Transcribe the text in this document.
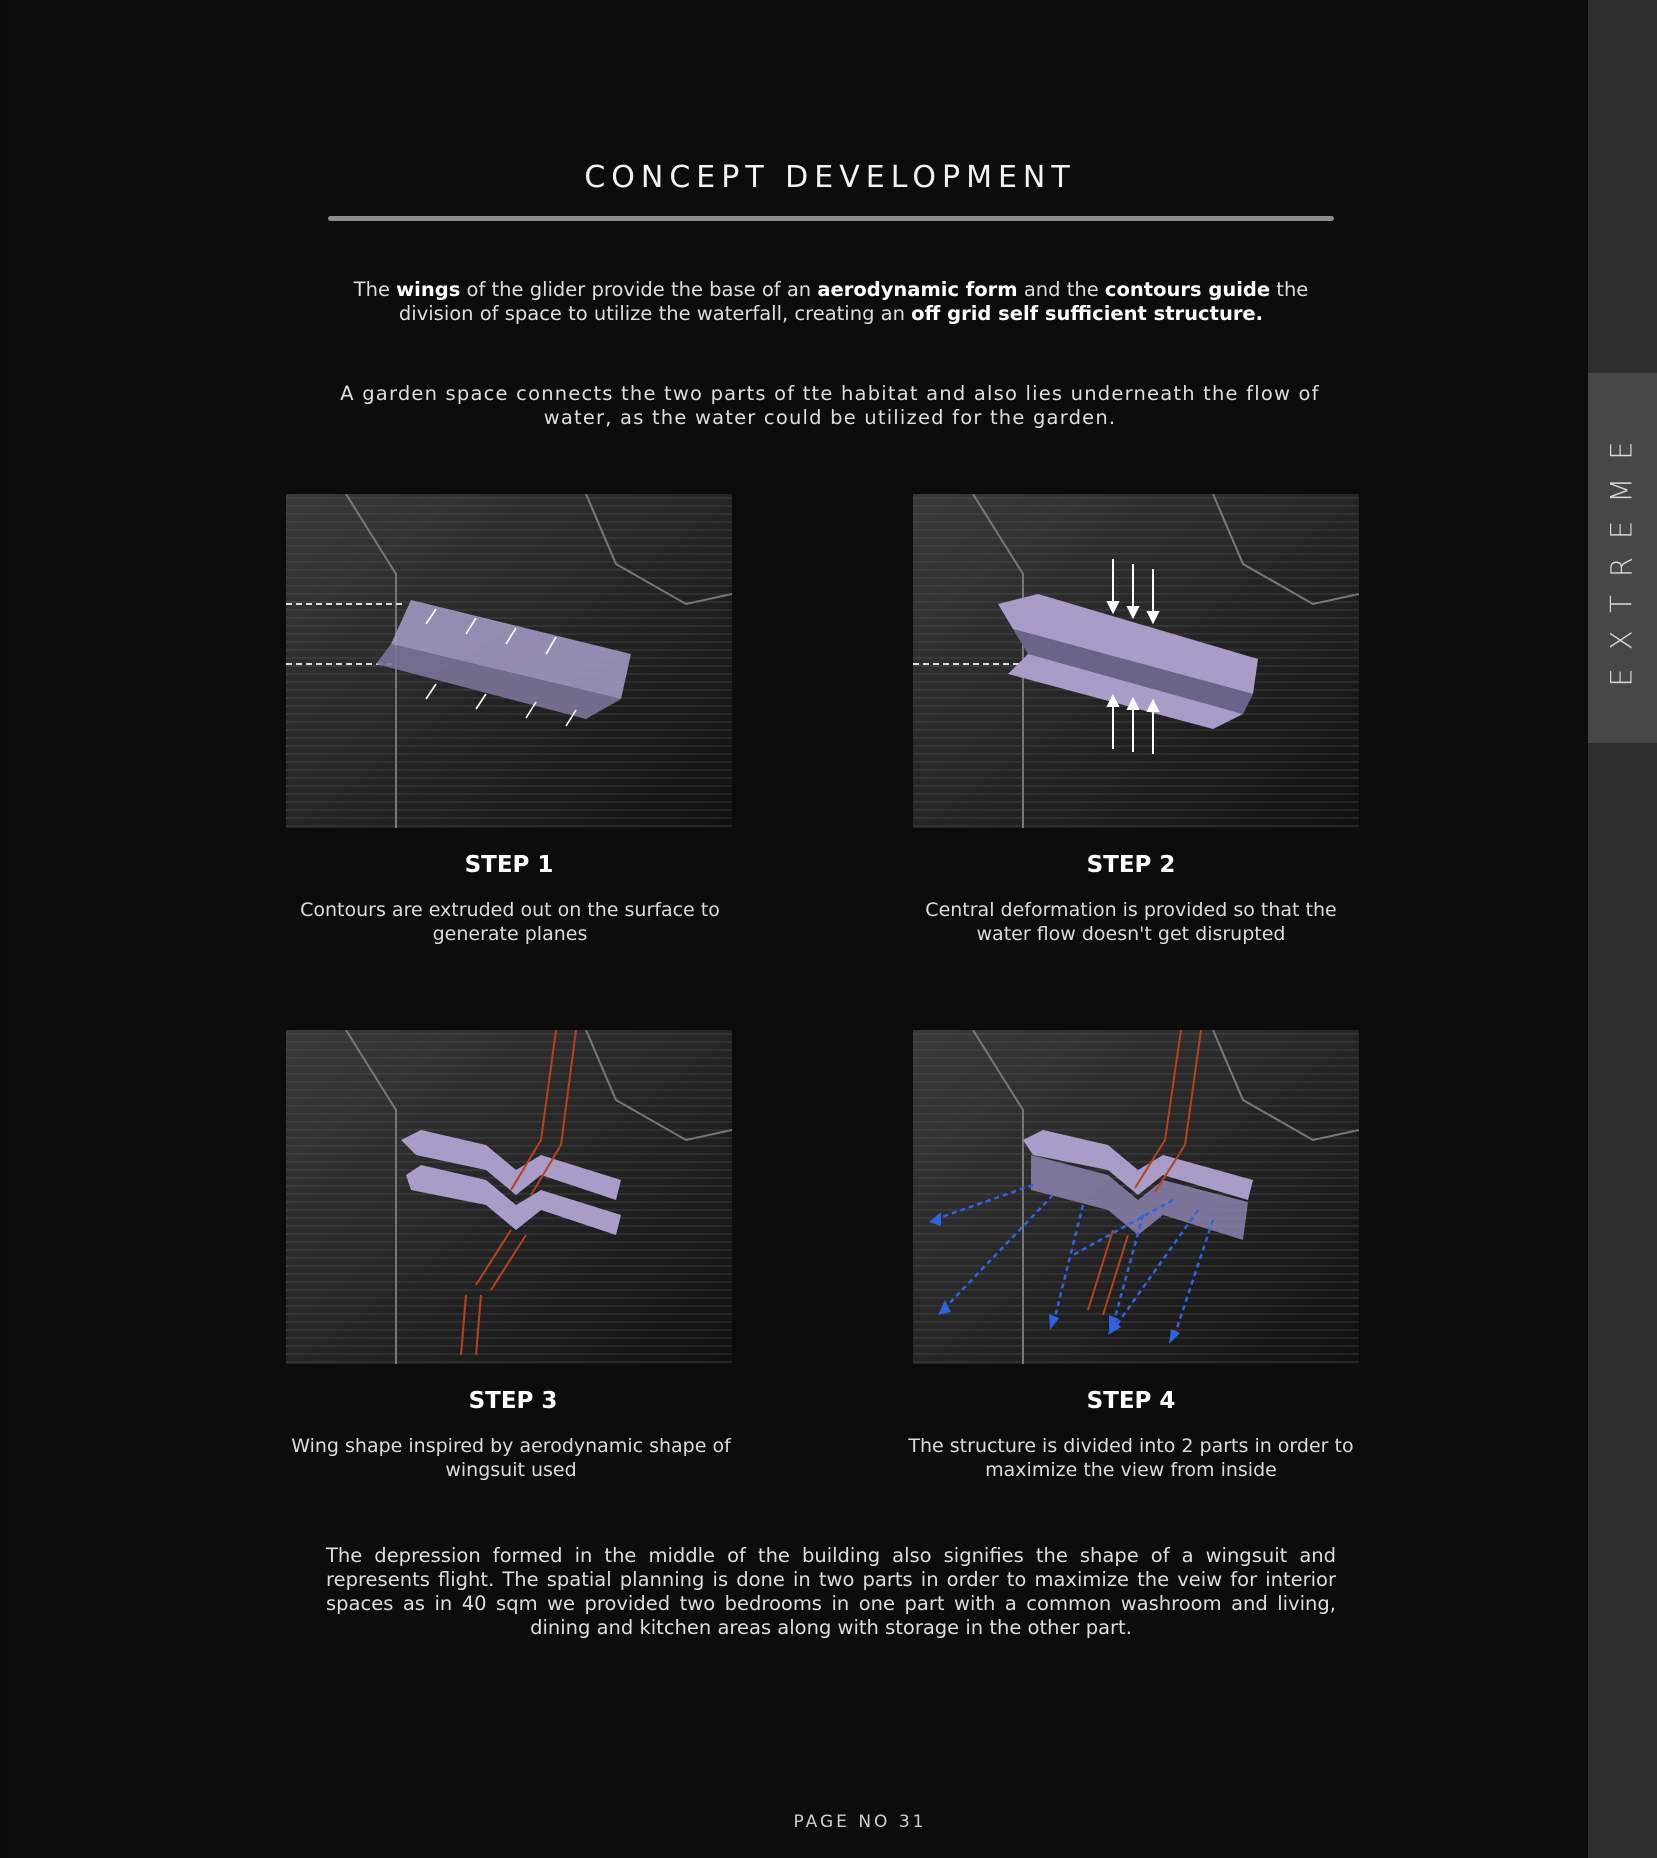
EXTREME
CONCEPT DEVELOPMENT
The wings of the glider provide the base of an aerodynamic form and the contours guide the division of space to utilize the waterfall, creating an off grid self sufficient structure.
A garden space connects the two parts of tte habitat and also lies underneath the flow of water, as the water could be utilized for the garden.
STEP 1
Contours are extruded out on the surface to generate planes
STEP 2
Central deformation is provided so that the water flow doesn't get disrupted
STEP 3
Wing shape inspired by aerodynamic shape of wingsuit used
STEP 4
The structure is divided into 2 parts in order to maximize the view from inside
The depression formed in the middle of the building also signifies the shape of a wingsuit and represents flight. The spatial planning is done in two parts in order to maximize the veiw for interior spaces as in 40 sqm we provided two bedrooms in one part with a common washroom and living, dining and kitchen areas along with storage in the other part.
PAGE NO 31
